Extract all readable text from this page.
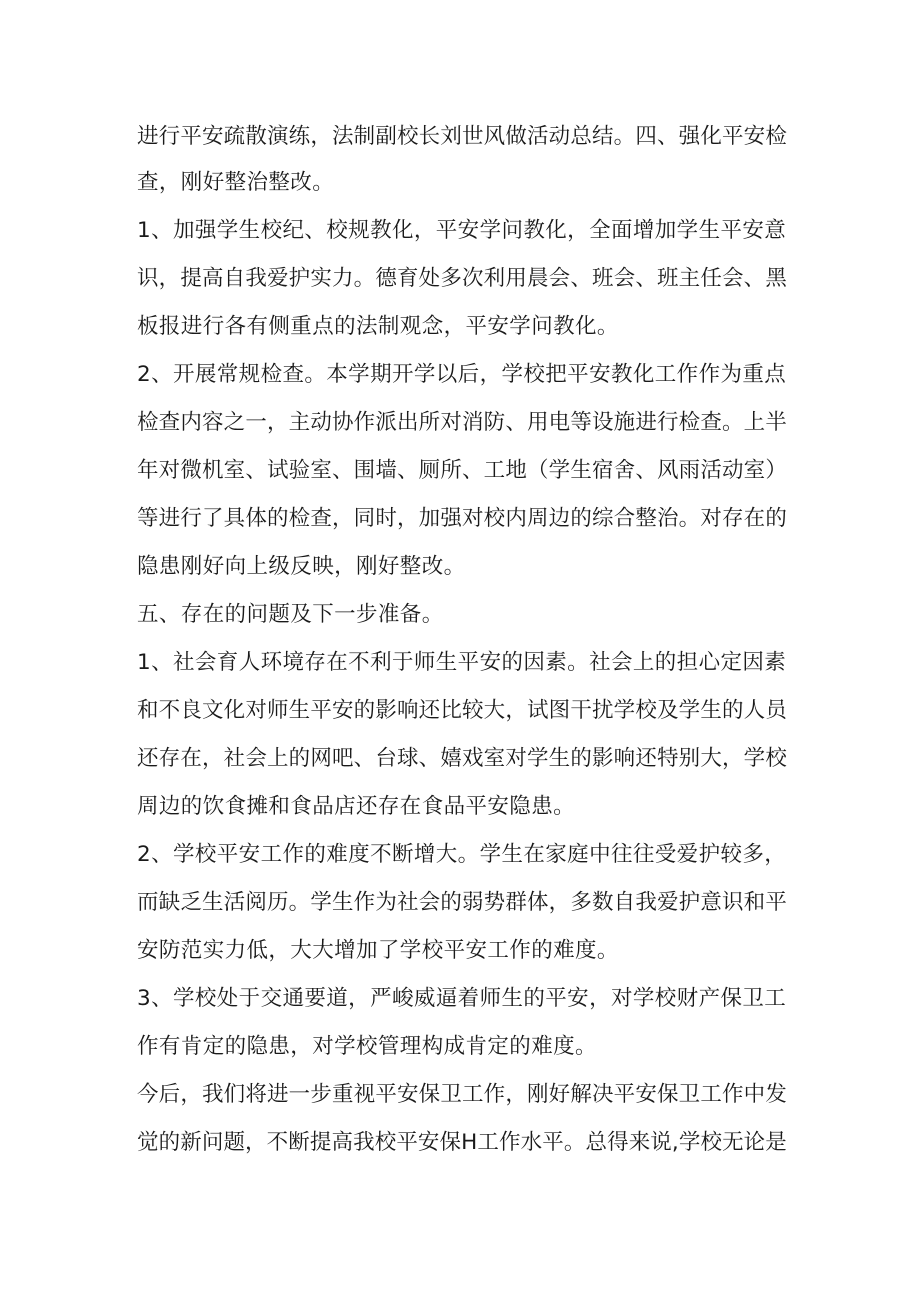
进行平安疏散演练，法制副校长刘世风做活动总结。四、强化平安检
查，刚好整治整改。
1、加强学生校纪、校规教化，平安学问教化，全面增加学生平安意
识，提高自我爱护实力。德育处多次利用晨会、班会、班主任会、黑
板报进行各有侧重点的法制观念，平安学问教化。
2、开展常规检查。本学期开学以后，学校把平安教化工作作为重点
检查内容之一，主动协作派出所对消防、用电等设施进行检查。上半
年对微机室、试验室、围墙、厕所、工地（学生宿舍、风雨活动室）
等进行了具体的检查，同时，加强对校内周边的综合整治。对存在的
隐患刚好向上级反映，刚好整改。
五、存在的问题及下一步准备。
1、社会育人环境存在不利于师生平安的因素。社会上的担心定因素
和不良文化对师生平安的影响还比较大，试图干扰学校及学生的人员
还存在，社会上的网吧、台球、嬉戏室对学生的影响还特别大，学校
周边的饮食摊和食品店还存在食品平安隐患。
2、学校平安工作的难度不断增大。学生在家庭中往往受爱护较多，
而缺乏生活阅历。学生作为社会的弱势群体，多数自我爱护意识和平
安防范实力低，大大增加了学校平安工作的难度。
3、学校处于交通要道，严峻威逼着师生的平安，对学校财产保卫工
作有肯定的隐患，对学校管理构成肯定的难度。
今后，我们将进一步重视平安保卫工作，刚好解决平安保卫工作中发
觉的新问题，不断提高我校平安保H工作水平。总得来说,学校无论是
